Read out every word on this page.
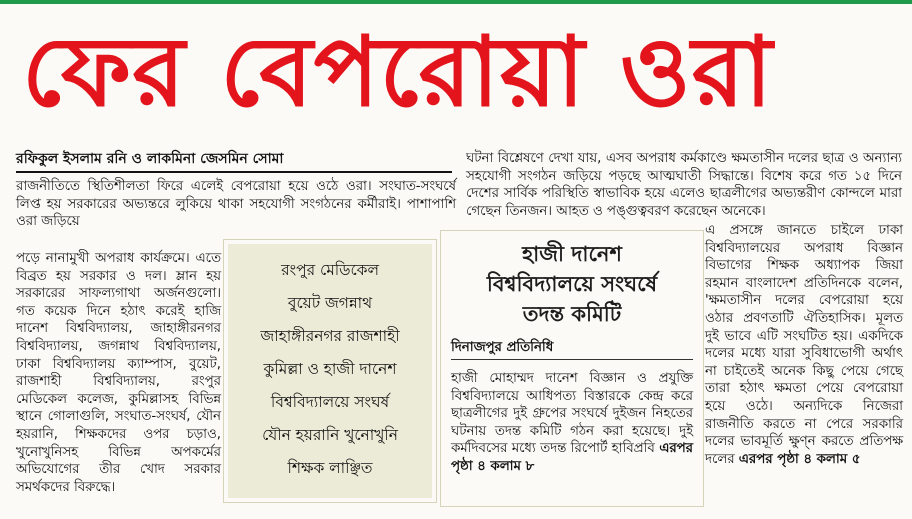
ফের বেপরোয়া ওরা
রফিকুল ইসলাম রনি ও লাকমিনা জেসমিন সোমা

রাজনীতিতে স্থিতিশীলতা ফিরে এলেই বেপরোয়া হয়ে ওঠে ওরা। সংঘাত-সংঘর্ষে লিপ্ত হয় সরকারের অভ্যন্তরে লুকিয়ে থাকা সহযোগী সংগঠনের কর্মীরাই। পাশাপাশি ওরা জড়িয়ে

পড়ে নানামুখী অপরাধ কার্যক্রমে। এতে বিব্রত হয় সরকার ও দল। ম্লান হয় সরকারের সাফল্যগাথা অর্জনগুলো। গত কয়েক দিনে হঠাৎ করেই হাজি দানেশ বিশ্ববিদ্যালয়, জাহাঙ্গীরনগর বিশ্ববিদ্যালয়, জগন্নাথ বিশ্ববিদ্যালয়, ঢাকা বিশ্ববিদ্যালয় ক্যাম্পাস, বুয়েট, রাজশাহী বিশ্ববিদ্যালয়, রংপুর মেডিকেল কলেজ, কুমিল্লাসহ বিভিন্ন স্থানে গোলাগুলি, সংঘাত-সংঘর্ষ, যৌন হয়রানি, শিক্ষকদের ওপর চড়াও, খুনোখুনিসহ বিভিন্ন অপকর্মের অভিযোগের তীর খোদ সরকার সমর্থকদের বিরুদ্ধে।

রংপুর মেডিকেল

বুয়েট জগন্নাথ

জাহাঙ্গীরনগর রাজশাহী

কুমিল্লা ও হাজী দানেশ

বিশ্ববিদ্যালয়ে সংঘর্ষ

যৌন হয়রানি খুনোখুনি

শিক্ষক লাঞ্ছিত

ঘটনা বিশ্লেষণে দেখা যায়, এসব অপরাধ কর্মকাণ্ডে ক্ষমতাসীন দলের ছাত্র ও অন্যান্য সহযোগী সংগঠন জড়িয়ে পড়ছে আত্মঘাতী সিদ্ধান্তে। বিশেষ করে গত ১৫ দিনে দেশের সার্বিক পরিস্থিতি স্বাভাবিক হয়ে এলেও ছাত্রলীগের অভ্যন্তরীণ কোন্দলে মারা গেছেন তিনজন। আহত ও পঙ্গুত্ববরণ করেছেন অনেকে।

হাজী দানেশ
বিশ্ববিদ্যালয়ে সংঘর্ষে
তদন্ত কমিটি
দিনাজপুর প্রতিনিধি

হাজী মোহাম্মদ দানেশ বিজ্ঞান ও প্রযুক্তি বিশ্ববিদ্যালয়ে আধিপত্য বিস্তারকে কেন্দ্র করে ছাত্রলীগের দুই গ্রুপের সংঘর্ষে দুইজন নিহতের ঘটনায় তদন্ত কমিটি গঠন করা হয়েছে। দুই কর্মদিবসের মধ্যে তদন্ত রিপোর্ট হাবিপ্রবি এরপর পৃষ্ঠা ৪ কলাম ৮

এ প্রসঙ্গে জানতে চাইলে ঢাকা বিশ্ববিদ্যালয়ের অপরাধ বিজ্ঞান বিভাগের শিক্ষক অধ্যাপক জিয়া রহমান বাংলাদেশ প্রতিদিনকে বলেন, 'ক্ষমতাসীন দলের বেপরোয়া হয়ে ওঠার প্রবণতাটি ঐতিহাসিক। মূলত দুই ভাবে এটি সংঘটিত হয়। একদিকে দলের মধ্যে যারা সুবিধাভোগী অর্থাৎ না চাইতেই অনেক কিছু পেয়ে গেছে তারা হঠাৎ ক্ষমতা পেয়ে বেপরোয়া হয়ে ওঠে। অন্যদিকে নিজেরা রাজনীতি করতে না পেরে সরকারি দলের ভাবমূর্তি ক্ষুণ্ন করতে প্রতিপক্ষ দলের এরপর পৃষ্ঠা ৪ কলাম ৫
